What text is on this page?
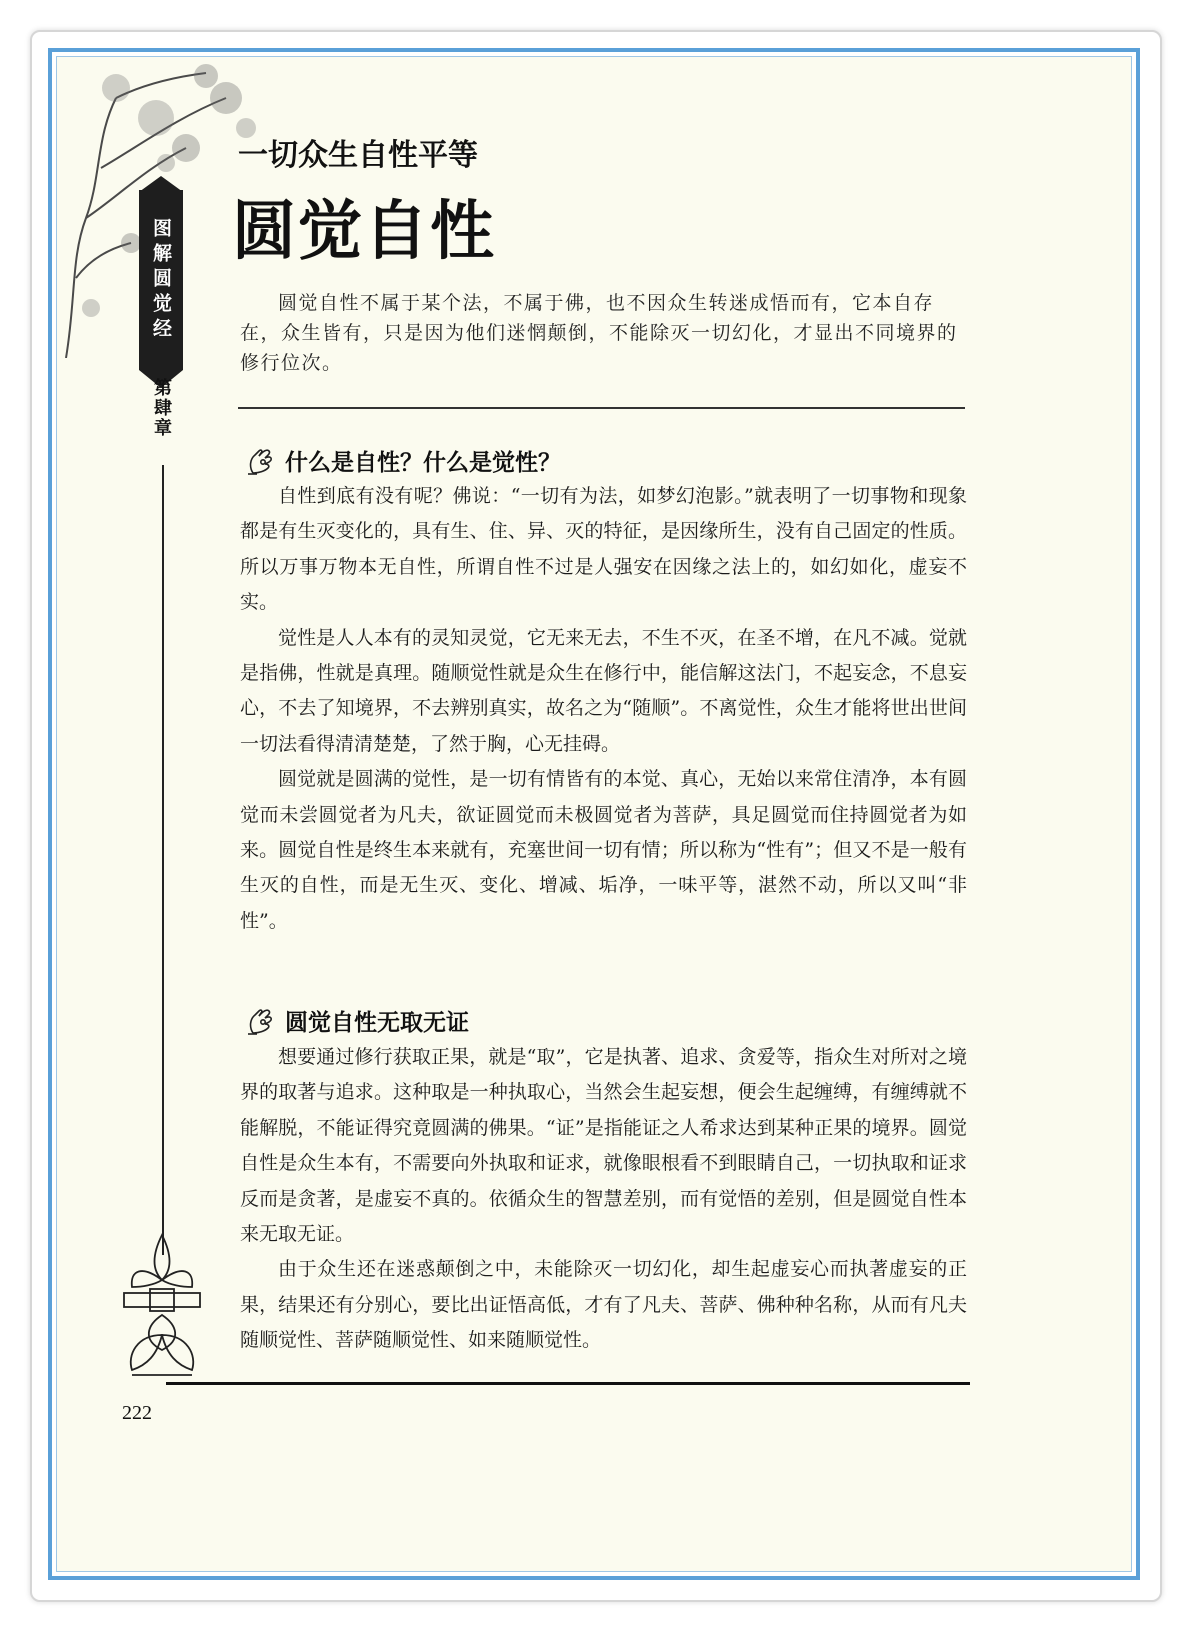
图解圆觉经
第肆章
一切众生自性平等
圆觉自性
圆觉自性不属于某个法，不属于佛，也不因众生转迷成悟而有，它本自存在，众生皆有，只是因为他们迷惘颠倒，不能除灭一切幻化，才显出不同境界的修行位次。
什么是自性？什么是觉性？

自性到底有没有呢？佛说：“一切有为法，如梦幻泡影。”就表明了一切事物和现象都是有生灭变化的，具有生、住、异、灭的特征，是因缘所生，没有自己固定的性质。所以万事万物本无自性，所谓自性不过是人强安在因缘之法上的，如幻如化，虚妄不实。

觉性是人人本有的灵知灵觉，它无来无去，不生不灭，在圣不增，在凡不减。觉就是指佛，性就是真理。随顺觉性就是众生在修行中，能信解这法门，不起妄念，不息妄心，不去了知境界，不去辨别真实，故名之为“随顺”。不离觉性，众生才能将世出世间一切法看得清清楚楚，了然于胸，心无挂碍。

圆觉就是圆满的觉性，是一切有情皆有的本觉、真心，无始以来常住清净，本有圆觉而未尝圆觉者为凡夫，欲证圆觉而未极圆觉者为菩萨，具足圆觉而住持圆觉者为如来。圆觉自性是终生本来就有，充塞世间一切有情；所以称为“性有”；但又不是一般有生灭的自性，而是无生灭、变化、增减、垢净，一味平等，湛然不动，所以又叫“非性”。

圆觉自性无取无证

想要通过修行获取正果，就是“取”，它是执著、追求、贪爱等，指众生对所对之境界的取著与追求。这种取是一种执取心，当然会生起妄想，便会生起缠缚，有缠缚就不能解脱，不能证得究竟圆满的佛果。“证”是指能证之人希求达到某种正果的境界。圆觉自性是众生本有，不需要向外执取和证求，就像眼根看不到眼睛自己，一切执取和证求反而是贪著，是虚妄不真的。依循众生的智慧差别，而有觉悟的差别，但是圆觉自性本来无取无证。

由于众生还在迷惑颠倒之中，未能除灭一切幻化，却生起虚妄心而执著虚妄的正果，结果还有分别心，要比出证悟高低，才有了凡夫、菩萨、佛种种名称，从而有凡夫随顺觉性、菩萨随顺觉性、如来随顺觉性。

222
